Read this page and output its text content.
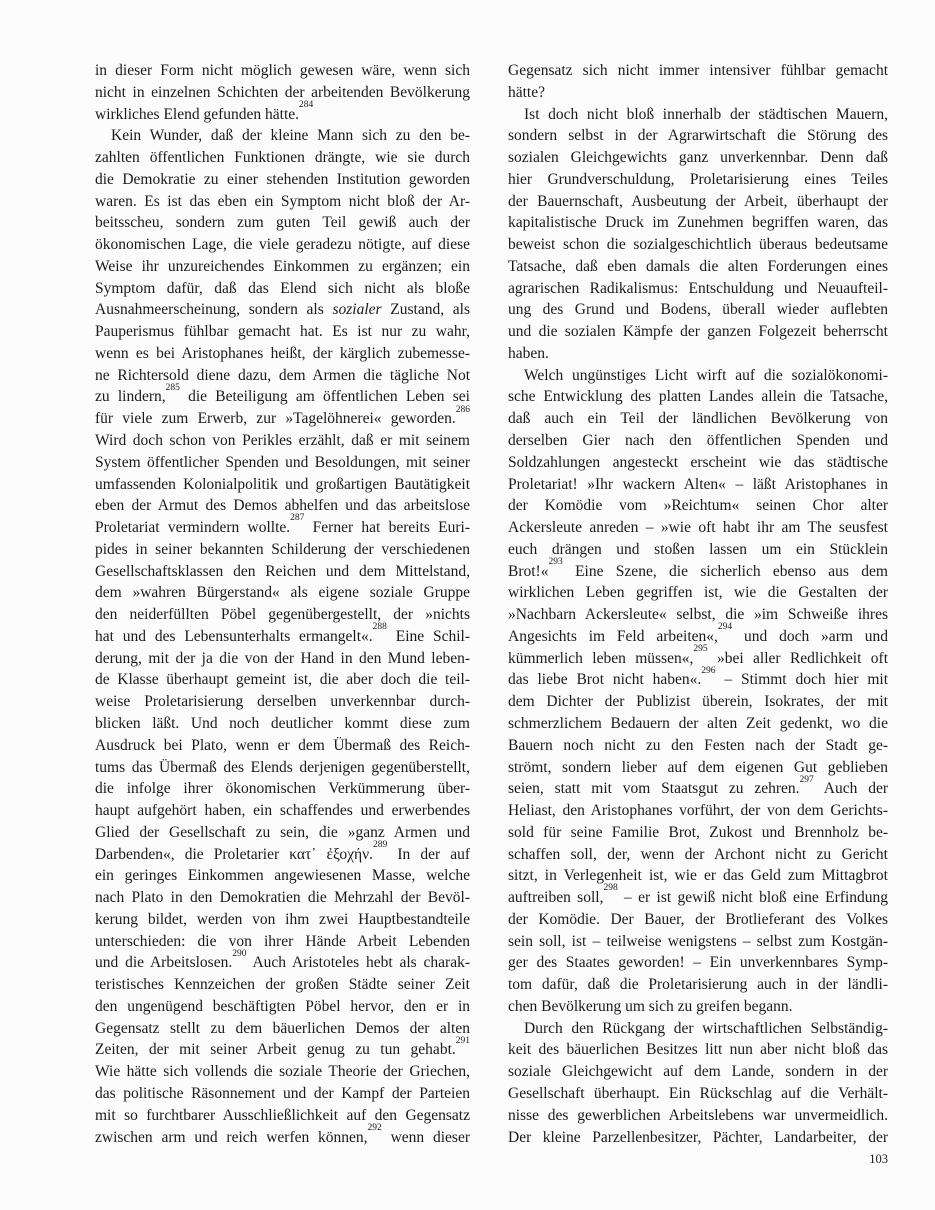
in dieser Form nicht möglich gewesen wäre, wenn sich
nicht in einzelnen Schichten der arbeitenden Bevölkerung
wirkliches Elend gefunden hätte.$^{284}$
Kein Wunder, daß der kleine Mann sich zu den be-
zahlten öffentlichen Funktionen drängte, wie sie durch
die Demokratie zu einer stehenden Institution geworden
waren. Es ist das eben ein Symptom nicht bloß der Ar-
beitsscheu, sondern zum guten Teil gewiß auch der
ökonomischen Lage, die viele geradezu nötigte, auf diese
Weise ihr unzureichendes Einkommen zu ergänzen; ein
Symptom dafür, daß das Elend sich nicht als bloße
Ausnahmeerscheinung, sondern als sozialer Zustand, als
Pauperismus fühlbar gemacht hat. Es ist nur zu wahr,
wenn es bei Aristophanes heißt, der kärglich zubemesse-
ne Richtersold diene dazu, dem Armen die tägliche Not
zu lindern,$^{285}$ die Beteiligung am öffentlichen Leben sei
für viele zum Erwerb, zur »Tagelöhnerei« geworden.$^{286}$
Wird doch schon von Perikles erzählt, daß er mit seinem
System öffentlicher Spenden und Besoldungen, mit seiner
umfassenden Kolonialpolitik und großartigen Bautätigkeit
eben der Armut des Demos abhelfen und das arbeitslose
Proletariat vermindern wollte.$^{287}$ Ferner hat bereits Euri-
pides in seiner bekannten Schilderung der verschiedenen
Gesellschaftsklassen den Reichen und dem Mittelstand,
dem »wahren Bürgerstand« als eigene soziale Gruppe
den neiderfüllten Pöbel gegenübergestellt, der »nichts
hat und des Lebensunterhalts ermangelt«.$^{288}$ Eine Schil-
derung, mit der ja die von der Hand in den Mund leben-
de Klasse überhaupt gemeint ist, die aber doch die teil-
weise Proletarisierung derselben unverkennbar durch-
blicken läßt. Und noch deutlicher kommt diese zum
Ausdruck bei Plato, wenn er dem Übermaß des Reich-
tums das Übermaß des Elends derjenigen gegenüberstellt,
die infolge ihrer ökonomischen Verkümmerung über-
haupt aufgehört haben, ein schaffendes und erwerbendes
Glied der Gesellschaft zu sein, die »ganz Armen und
Darbenden«, die Proletarier κατ᾽ ἐξοχήν.$^{289}$ In der auf
ein geringes Einkommen angewiesenen Masse, welche
nach Plato in den Demokratien die Mehrzahl der Bevöl-
kerung bildet, werden von ihm zwei Hauptbestandteile
unterschieden: die von ihrer Hände Arbeit Lebenden
und die Arbeitslosen.$^{290}$ Auch Aristoteles hebt als charak-
teristisches Kennzeichen der großen Städte seiner Zeit
den ungenügend beschäftigten Pöbel hervor, den er in
Gegensatz stellt zu dem bäuerlichen Demos der alten
Zeiten, der mit seiner Arbeit genug zu tun gehabt.$^{291}$
Wie hätte sich vollends die soziale Theorie der Griechen,
das politische Räsonnement und der Kampf der Parteien
mit so furchtbarer Ausschließlichkeit auf den Gegensatz
zwischen arm und reich werfen können,$^{292}$ wenn dieser
Gegensatz sich nicht immer intensiver fühlbar gemacht
hätte?
Ist doch nicht bloß innerhalb der städtischen Mauern,
sondern selbst in der Agrarwirtschaft die Störung des
sozialen Gleichgewichts ganz unverkennbar. Denn daß
hier Grundverschuldung, Proletarisierung eines Teiles
der Bauernschaft, Ausbeutung der Arbeit, überhaupt der
kapitalistische Druck im Zunehmen begriffen waren, das
beweist schon die sozialgeschichtlich überaus bedeutsame
Tatsache, daß eben damals die alten Forderungen eines
agrarischen Radikalismus: Entschuldung und Neuaufteil-
ung des Grund und Bodens, überall wieder auflebten
und die sozialen Kämpfe der ganzen Folgezeit beherrscht
haben.
Welch ungünstiges Licht wirft auf die sozialökonomi-
sche Entwicklung des platten Landes allein die Tatsache,
daß auch ein Teil der ländlichen Bevölkerung von
derselben Gier nach den öffentlichen Spenden und
Soldzahlungen angesteckt erscheint wie das städtische
Proletariat! »Ihr wackern Alten« – läßt Aristophanes in
der Komödie vom »Reichtum« seinen Chor alter
Ackersleute anreden – »wie oft habt ihr am The seusfest
euch drängen und stoßen lassen um ein Stücklein
Brot!«$^{293}$ Eine Szene, die sicherlich ebenso aus dem
wirklichen Leben gegriffen ist, wie die Gestalten der
»Nachbarn Ackersleute« selbst, die »im Schweiße ihres
Angesichts im Feld arbeiten«,$^{294}$ und doch »arm und
kümmerlich leben müssen«,$^{295}$ »bei aller Redlichkeit oft
das liebe Brot nicht haben«.$^{296}$ – Stimmt doch hier mit
dem Dichter der Publizist überein, Isokrates, der mit
schmerzlichem Bedauern der alten Zeit gedenkt, wo die
Bauern noch nicht zu den Festen nach der Stadt ge-
strömt, sondern lieber auf dem eigenen Gut geblieben
seien, statt mit vom Staatsgut zu zehren.$^{297}$ Auch der
Heliast, den Aristophanes vorführt, der von dem Gerichts-
sold für seine Familie Brot, Zukost und Brennholz be-
schaffen soll, der, wenn der Archont nicht zu Gericht
sitzt, in Verlegenheit ist, wie er das Geld zum Mittagbrot
auftreiben soll,$^{298}$ – er ist gewiß nicht bloß eine Erfindung
der Komödie. Der Bauer, der Brotlieferant des Volkes
sein soll, ist – teilweise wenigstens – selbst zum Kostgän-
ger des Staates geworden! – Ein unverkennbares Symp-
tom dafür, daß die Proletarisierung auch in der ländli-
chen Bevölkerung um sich zu greifen begann.
Durch den Rückgang der wirtschaftlichen Selbständig-
keit des bäuerlichen Besitzes litt nun aber nicht bloß das
soziale Gleichgewicht auf dem Lande, sondern in der
Gesellschaft überhaupt. Ein Rückschlag auf die Verhält-
nisse des gewerblichen Arbeitslebens war unvermeidlich.
Der kleine Parzellenbesitzer, Pächter, Landarbeiter, der
103
